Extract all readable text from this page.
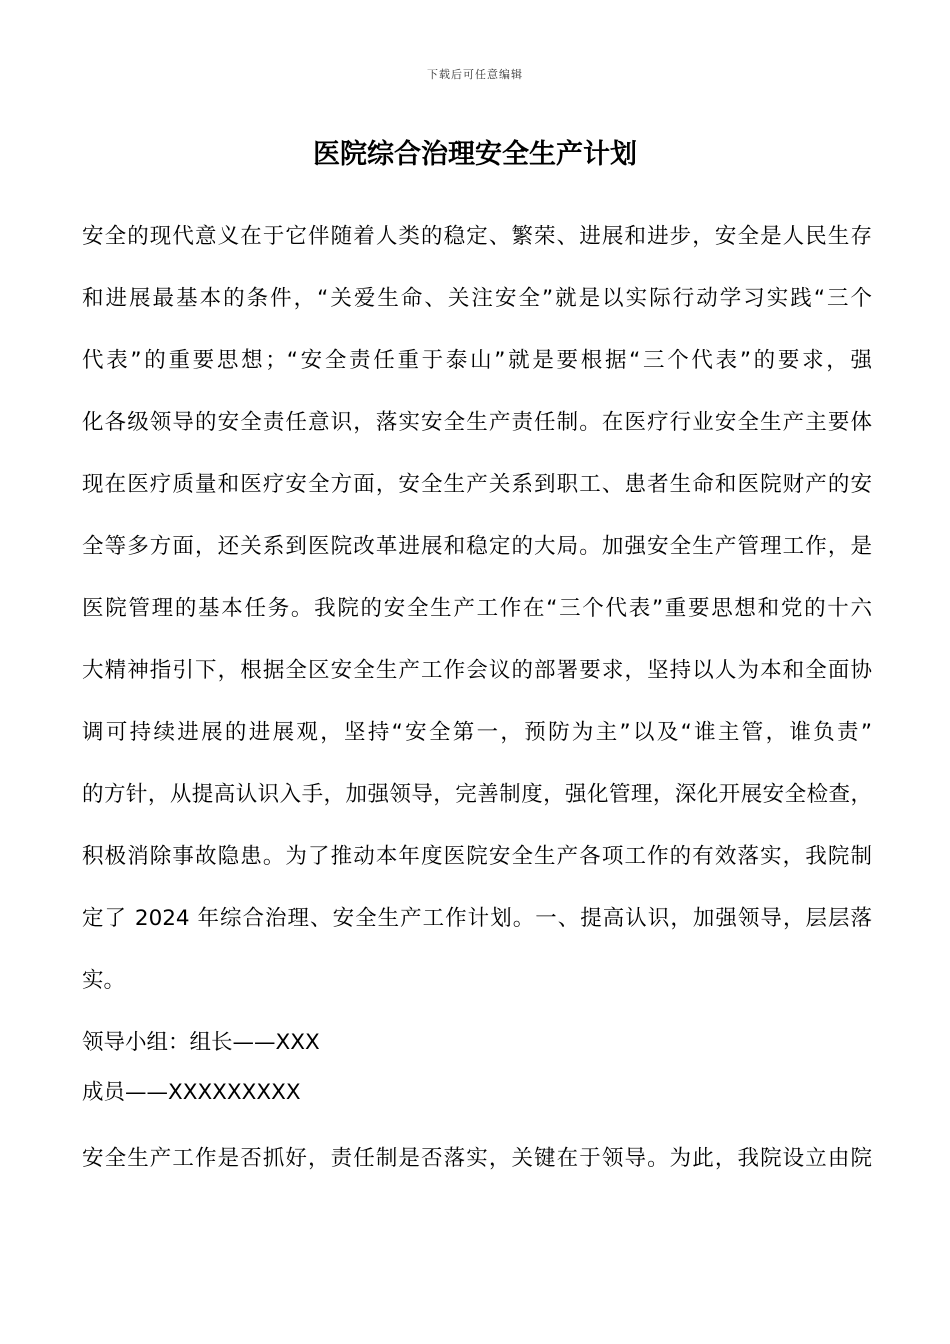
下载后可任意编辑
医院综合治理安全生产计划
安全的现代意义在于它伴随着人类的稳定、繁荣、进展和进步，安全是人民生存
和进展最基本的条件，“关爱生命、关注安全”就是以实际行动学习实践“三个
代表”的重要思想；“安全责任重于泰山”就是要根据“三个代表”的要求，强
化各级领导的安全责任意识，落实安全生产责任制。在医疗行业安全生产主要体
现在医疗质量和医疗安全方面，安全生产关系到职工、患者生命和医院财产的安
全等多方面，还关系到医院改革进展和稳定的大局。加强安全生产管理工作，是
医院管理的基本任务。我院的安全生产工作在“三个代表”重要思想和党的十六
大精神指引下，根据全区安全生产工作会议的部署要求，坚持以人为本和全面协
调可持续进展的进展观，坚持“安全第一，预防为主”以及“谁主管，谁负责”
的方针，从提高认识入手，加强领导，完善制度，强化管理，深化开展安全检查，
积极消除事故隐患。为了推动本年度医院安全生产各项工作的有效落实，我院制
定了 2024 年综合治理、安全生产工作计划。一、提高认识，加强领导，层层落
实。
领导小组：组长——XXX
成员——XXXXXXXXX
安全生产工作是否抓好，责任制是否落实，关键在于领导。为此，我院设立由院
